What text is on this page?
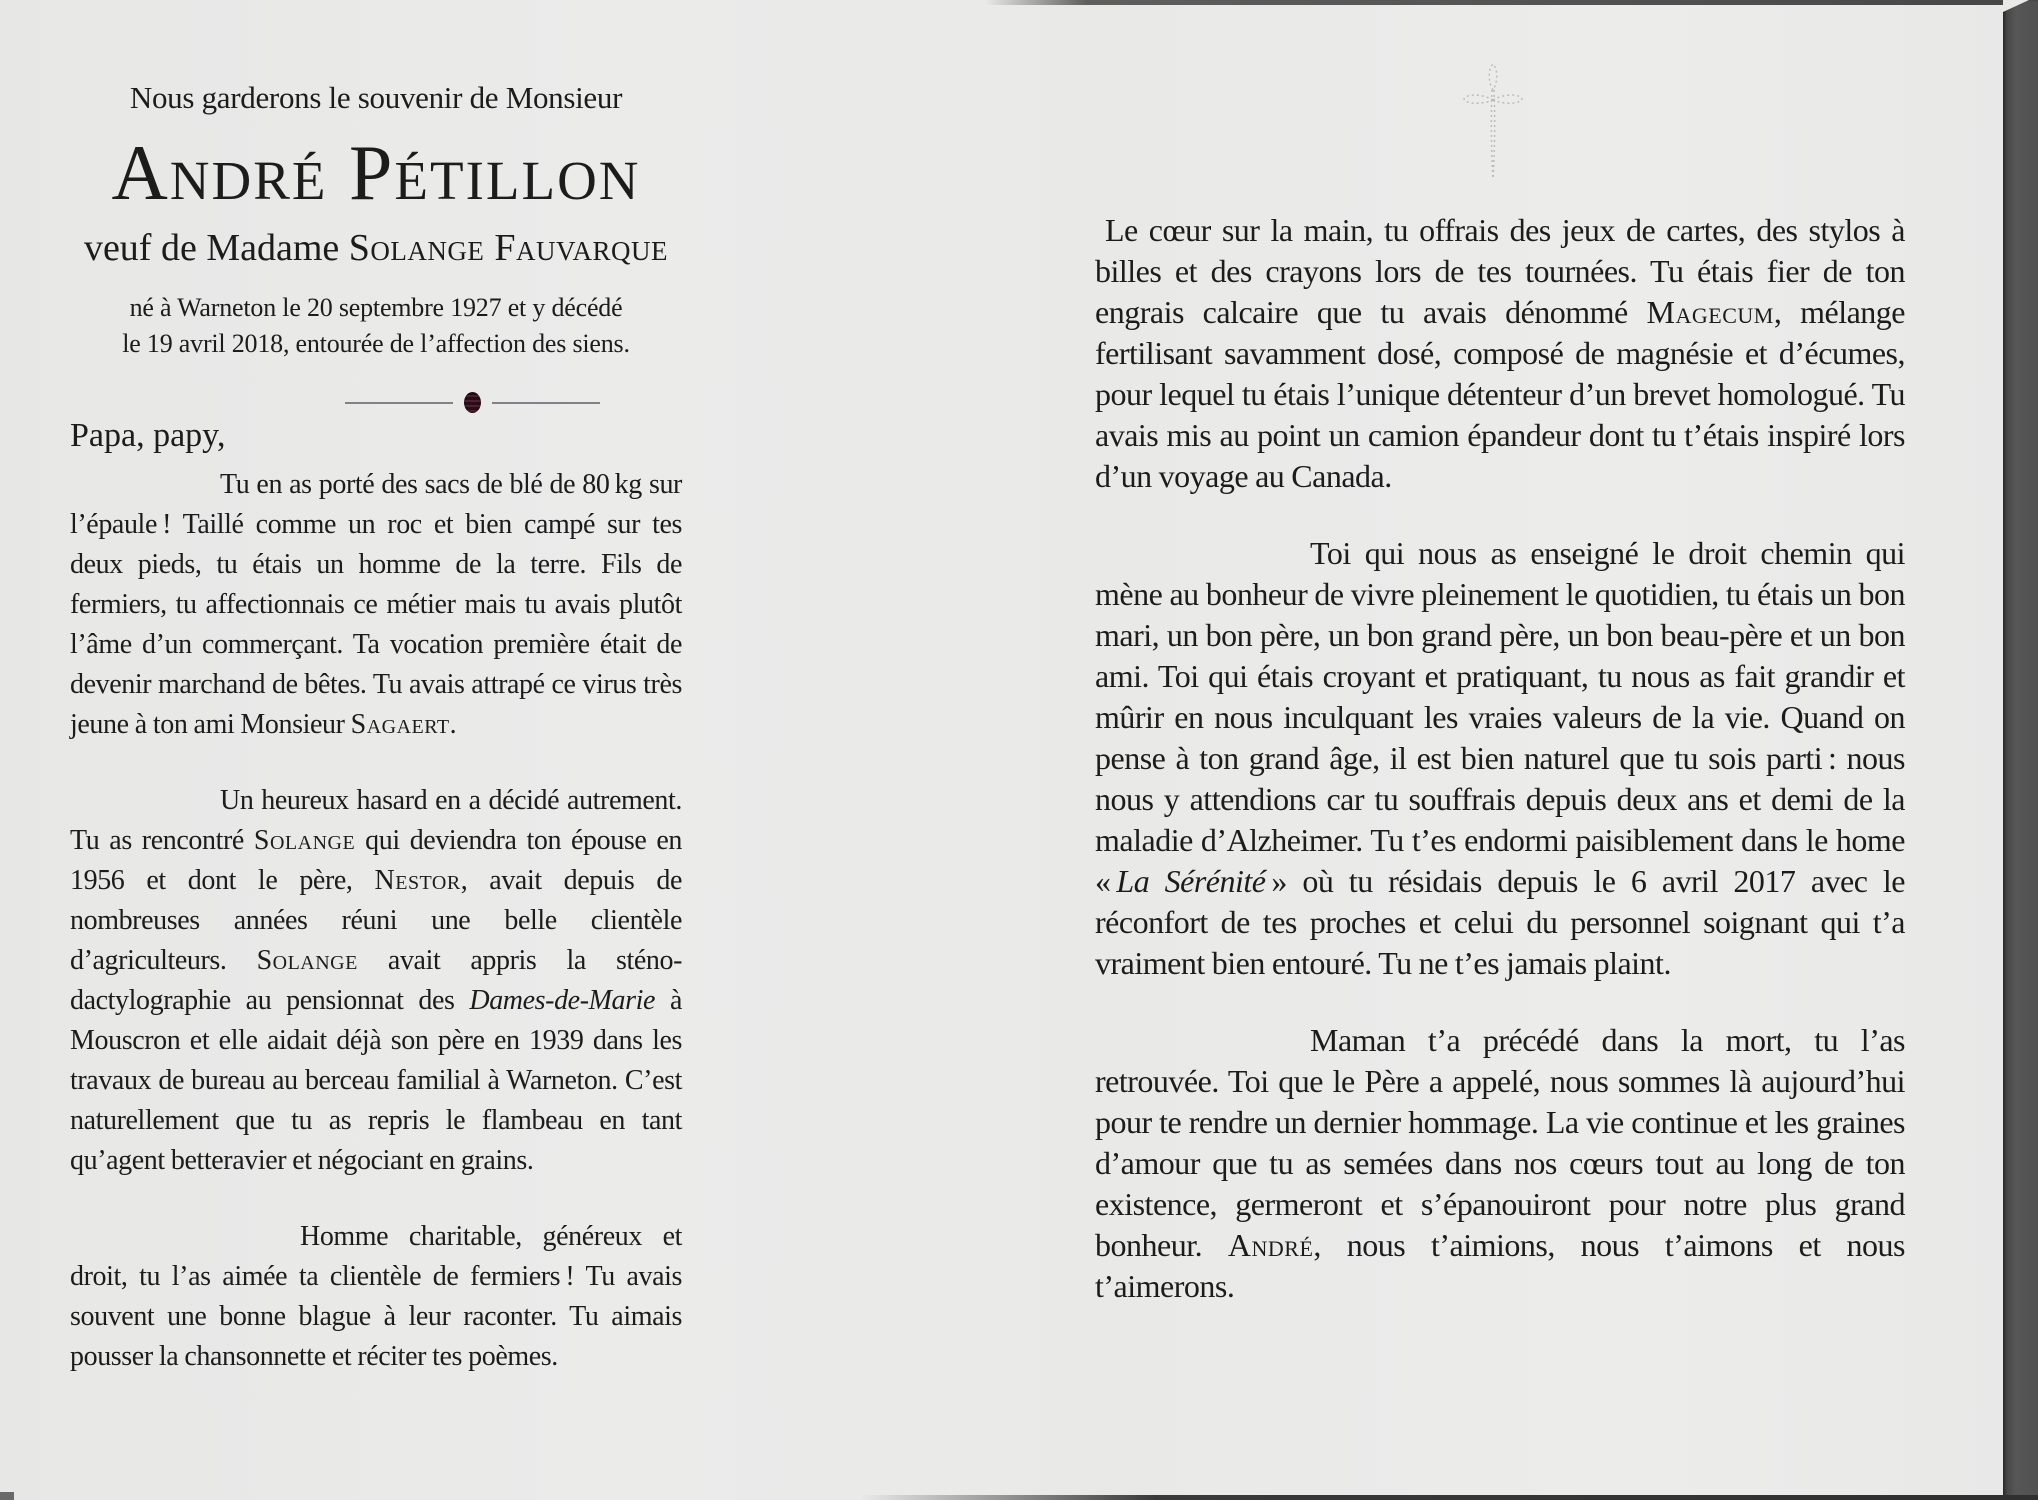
Nous garderons le souvenir de Monsieur
André Pétillon
veuf de Madame Solange Fauvarque
né à Warneton le 20 septembre 1927 et y décédé
le 19 avril 2018, entourée de l’affection des siens.
Papa, papy,

Tu en as porté des sacs de blé de 80 kg sur l’épaule ! Taillé comme un roc et bien campé sur tes deux pieds, tu étais un homme de la terre. Fils de fermiers, tu affectionnais ce métier mais tu avais plutôt l’âme d’un commerçant. Ta vocation première était de devenir marchand de bêtes. Tu avais attrapé ce virus très jeune à ton ami Monsieur Sagaert.

Un heureux hasard en a décidé autrement. Tu as rencontré Solange qui deviendra ton épouse en 1956 et dont le père, Nestor, avait depuis de nombreuses années réuni une belle clientèle d’agriculteurs. Solange avait appris la sténo-dactylographie au pensionnat des Dames-de-Marie à Mouscron et elle aidait déjà son père en 1939 dans les travaux de bureau au berceau familial à Warneton. C’est naturellement que tu as repris le flambeau en tant qu’agent betteravier et négociant en grains.

Homme charitable, généreux et droit, tu l’as aimée ta clientèle de fermiers ! Tu avais souvent une bonne blague à leur raconter. Tu aimais pousser la chansonnette et réciter tes poèmes.

Le cœur sur la main, tu offrais des jeux de cartes, des stylos à billes et des crayons lors de tes tournées. Tu étais fier de ton engrais calcaire que tu avais dénommé Magecum, mélange fertilisant savamment dosé, composé de magnésie et d’écumes, pour lequel tu étais l’unique détenteur d’un brevet homologué. Tu avais mis au point un camion épandeur dont tu t’étais inspiré lors d’un voyage au Canada.

Toi qui nous as enseigné le droit chemin qui mène au bonheur de vivre pleinement le quotidien, tu étais un bon mari, un bon père, un bon grand père, un bon beau-père et un bon ami. Toi qui étais croyant et pratiquant, tu nous as fait grandir et mûrir en nous inculquant les vraies valeurs de la vie. Quand on pense à ton grand âge, il est bien naturel que tu sois parti : nous nous y attendions car tu souffrais depuis deux ans et demi de la maladie d’Alzheimer. Tu t’es endormi paisiblement dans le home « La Sérénité » où tu résidais depuis le 6 avril 2017 avec le réconfort de tes proches et celui du personnel soignant qui t’a vraiment bien entouré. Tu ne t’es jamais plaint.

Maman t’a précédé dans la mort, tu l’as retrouvée. Toi que le Père a appelé, nous sommes là aujourd’hui pour te rendre un dernier hommage. La vie continue et les graines d’amour que tu as semées dans nos cœurs tout au long de ton existence, germeront et s’épanouiront pour notre plus grand bonheur. André, nous t’aimions, nous t’aimons et nous t’aimerons.
